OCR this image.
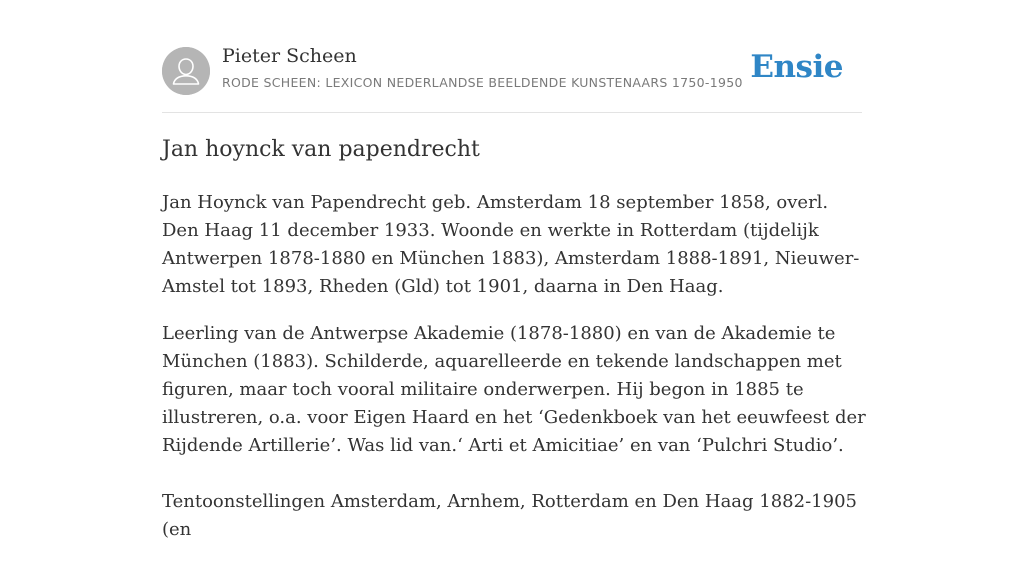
Pieter Scheen
RODE SCHEEN: LEXICON NEDERLANDSE BEELDENDE KUNSTENAARS 1750-1950 Ensie
Jan hoynck van papendrecht

Jan Hoynck van Papendrecht geb. Amsterdam 18 september 1858, overl. Den Haag 11 december 1933. Woonde en werkte in Rotterdam (tijdelijk Antwerpen 1878-1880 en München 1883), Amsterdam 1888-1891, Nieuwer-Amstel tot 1893, Rheden (Gld) tot 1901, daarna in Den Haag.

Leerling van de Antwerpse Akademie (1878-1880) en van de Akademie te München (1883). Schilderde, aquarelleerde en tekende landschappen met figuren, maar toch vooral militaire onderwerpen. Hij begon in 1885 te illustreren, o.a. voor Eigen Haard en het ‘Gedenkboek van het eeuwfeest der Rijdende Artillerie’. Was lid van.‘ Arti et Amicitiae’ en van ‘Pulchri Studio’.

Tentoonstellingen Amsterdam, Arnhem, Rotterdam en Den Haag 1882-1905 (en
